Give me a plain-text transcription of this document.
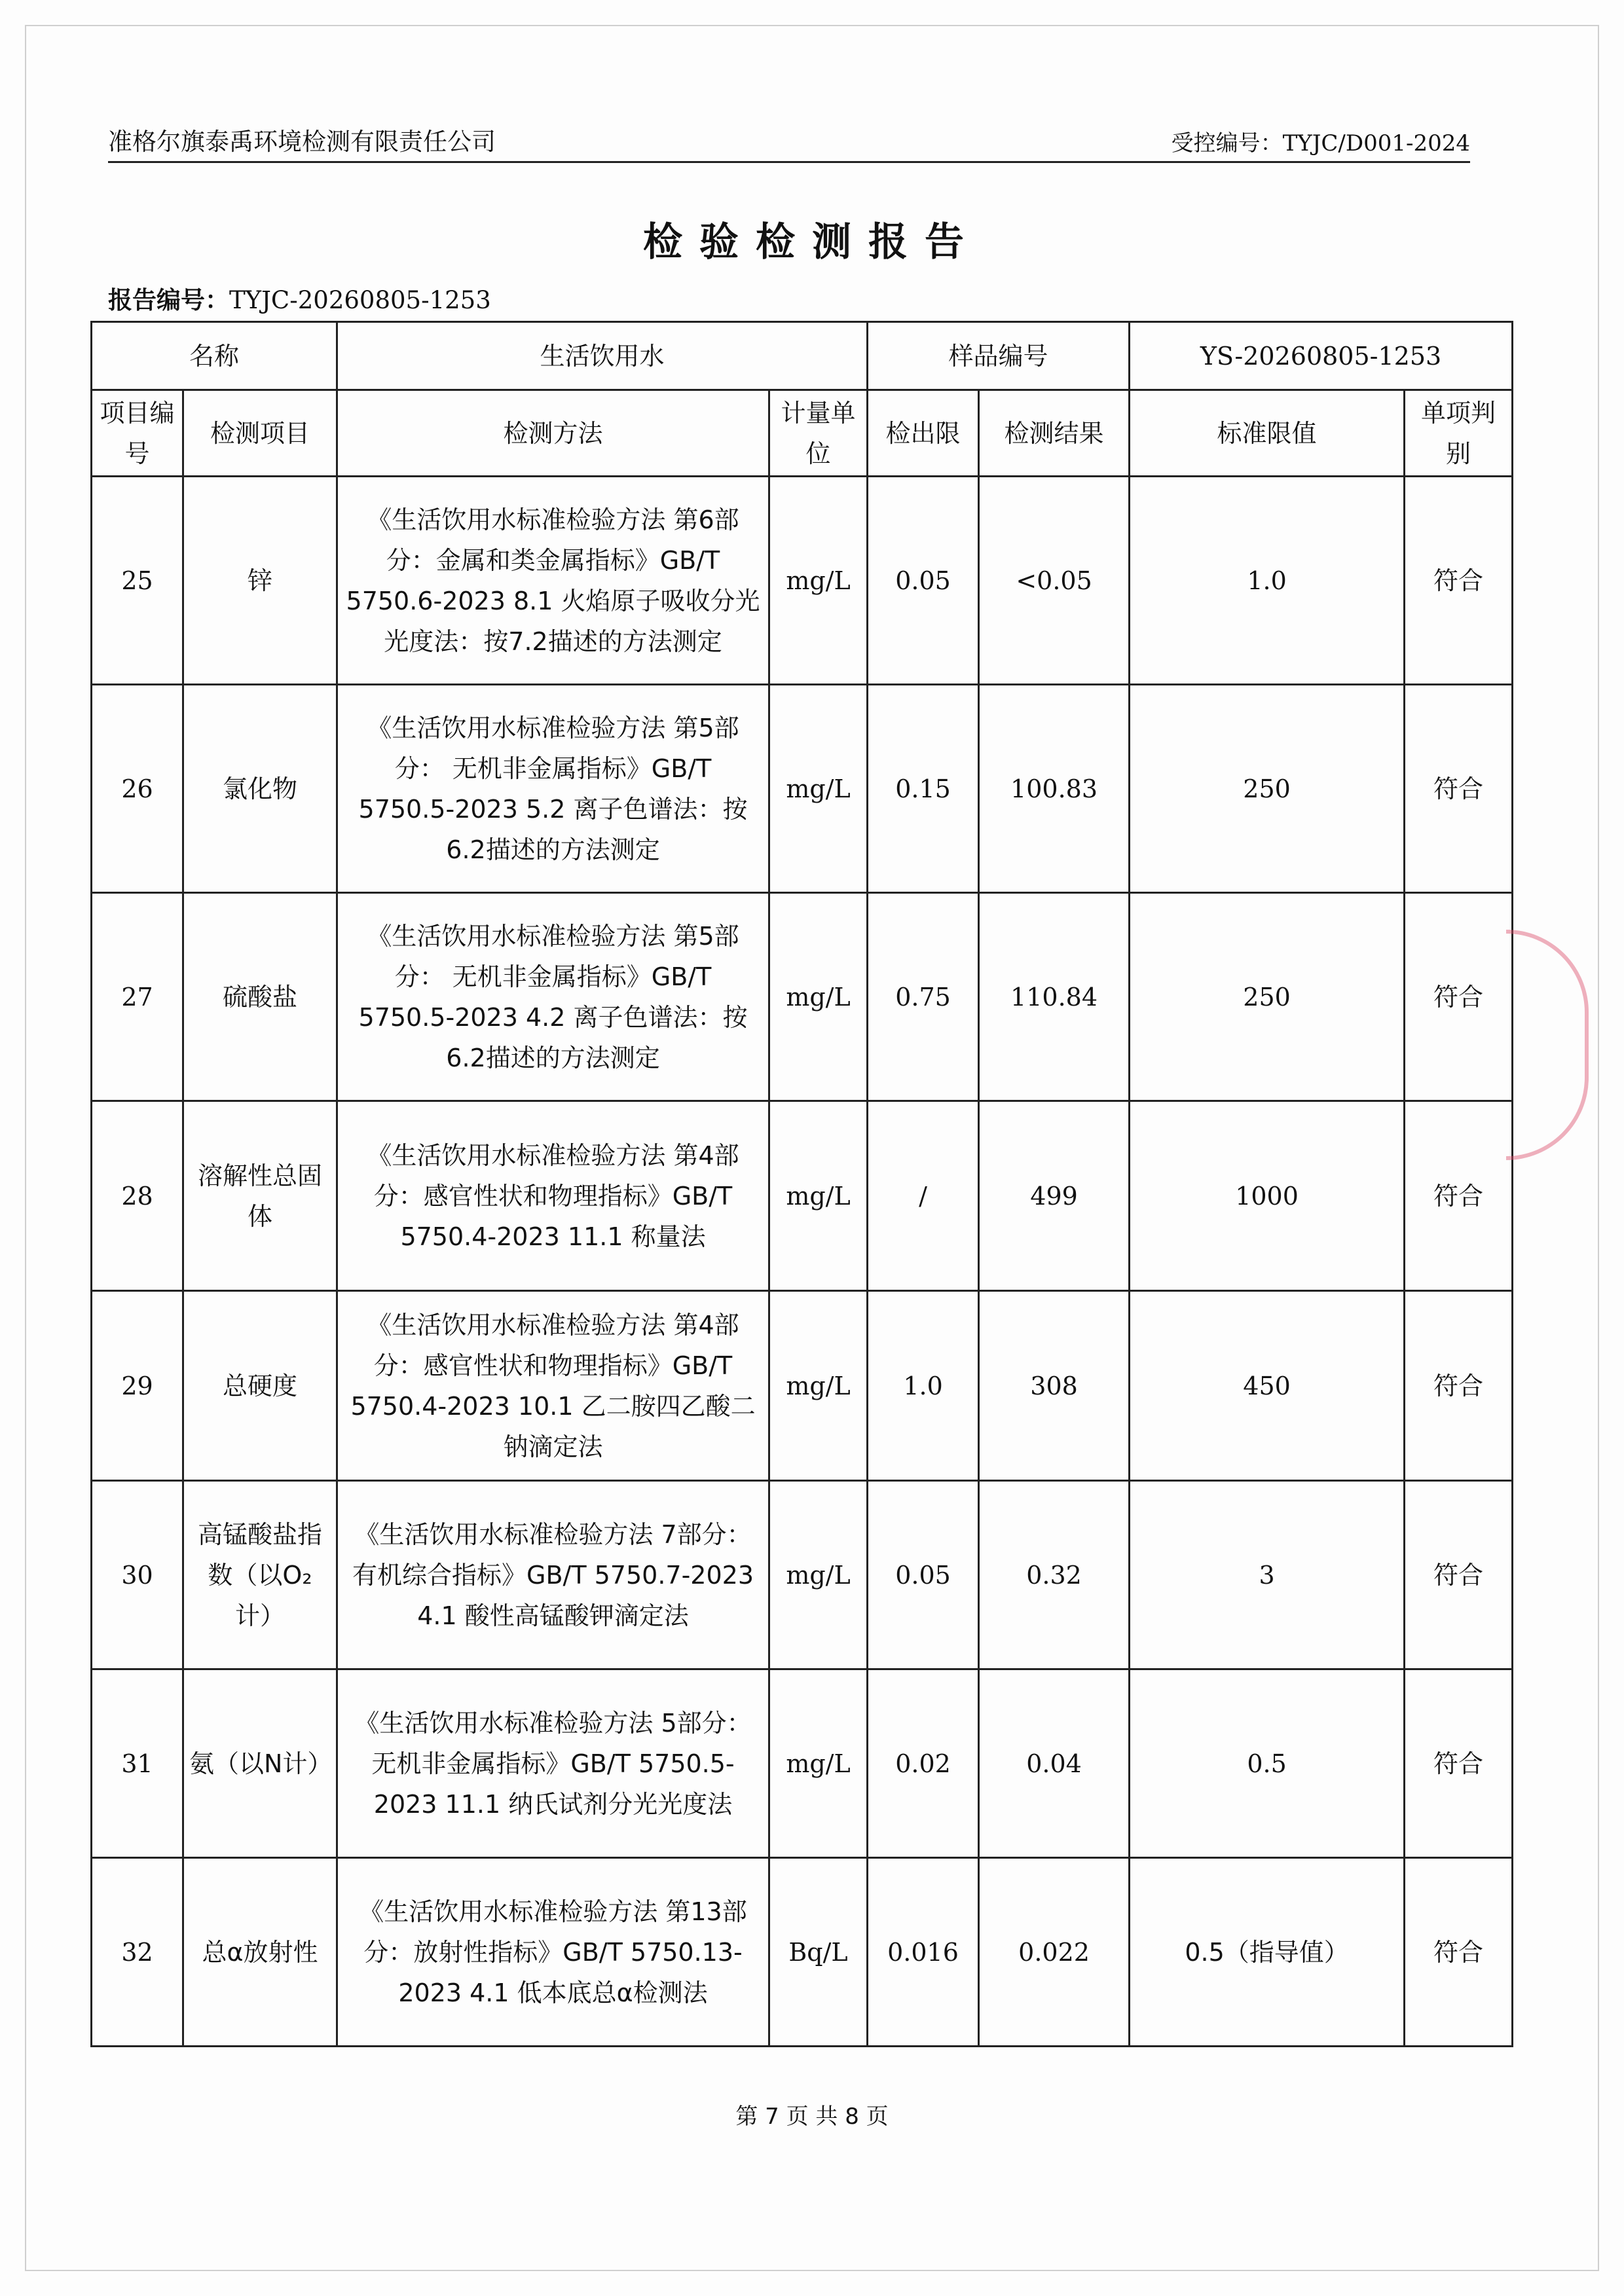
准格尔旗泰禹环境检测有限责任公司	受控编号：TYJC/D001-2024
检验检测报告
报告编号：TYJC-20260805-1253
名称		生活饮用水		样品编号		YS-20260805-1253	
项目编号	检测项目	检测方法	计量单位	检出限	检测结果	标准限值	单项判别
25	锌	《生活饮用水标准检验方法 第6部分：金属和类金属指标》GB/T 5750.6-2023 8.1 火焰原子吸收分光光度法：按7.2描述的方法测定	mg/L	0.05	<0.05	1.0	符合
26	氯化物	《生活饮用水标准检验方法 第5部分： 无机非金属指标》GB/T 5750.5-2023 5.2 离子色谱法：按6.2描述的方法测定	mg/L	0.15	100.83	250	符合
27	硫酸盐	《生活饮用水标准检验方法 第5部分： 无机非金属指标》GB/T 5750.5-2023 4.2 离子色谱法：按6.2描述的方法测定	mg/L	0.75	110.84	250	符合
28	溶解性总固体	《生活饮用水标准检验方法 第4部分：感官性状和物理指标》GB/T 5750.4-2023 11.1 称量法	mg/L	/	499	1000	符合
29	总硬度	《生活饮用水标准检验方法 第4部分：感官性状和物理指标》GB/T 5750.4-2023 10.1 乙二胺四乙酸二钠滴定法	mg/L	1.0	308	450	符合
30	高锰酸盐指数（以O₂计）	《生活饮用水标准检验方法 7部分： 有机综合指标》GB/T 5750.7-2023 4.1 酸性高锰酸钾滴定法	mg/L	0.05	0.32	3	符合
31	氨（以N计）	《生活饮用水标准检验方法 5部分： 无机非金属指标》GB/T 5750.5-2023 11.1 纳氏试剂分光光度法	mg/L	0.02	0.04	0.5	符合
32	总α放射性	《生活饮用水标准检验方法 第13部分：放射性指标》GB/T 5750.13-2023 4.1 低本底总α检测法	Bq/L	0.016	0.022	0.5（指导值）	符合
第 7 页 共 8 页
